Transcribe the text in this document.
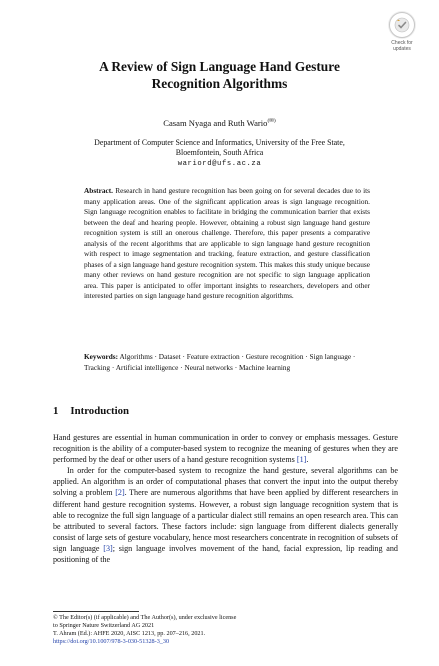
Check for
updates
A Review of Sign Language Hand Gesture
Recognition Algorithms
Casam Nyaga and Ruth Wario(✉)
Department of Computer Science and Informatics, University of the Free State,
Bloemfontein, South Africa
wariord@ufs.ac.za
Abstract. Research in hand gesture recognition has been going on for several decades due to its many application areas. One of the significant application areas is sign language recognition. Sign language recognition enables to facilitate in bridging the communication barrier that exists between the deaf and hearing people. However, obtaining a robust sign language hand gesture recognition system is still an onerous challenge. Therefore, this paper presents a comparative analysis of the recent algorithms that are applicable to sign language hand gesture recognition with respect to image segmentation and tracking, feature extraction, and gesture classification phases of a sign language hand gesture recognition system. This makes this study unique because many other reviews on hand gesture recognition are not specific to sign language application area. This paper is anticipated to offer important insights to researchers, developers and other interested parties on sign language hand gesture recognition algorithms.
Keywords: Algorithms · Dataset · Feature extraction · Gesture recognition · Sign language · Tracking · Artificial intelligence · Neural networks · Machine learning
1 Introduction

Hand gestures are essential in human communication in order to convey or emphasis messages. Gesture recognition is the ability of a computer-based system to recognize the meaning of gestures when they are performed by the deaf or other users of a hand gesture recognition systems [1].

In order for the computer-based system to recognize the hand gesture, several algorithms can be applied. An algorithm is an order of computational phases that convert the input into the output thereby solving a problem [2]. There are numerous algorithms that have been applied by different researchers in different hand gesture recognition systems. However, a robust sign language recognition system that is able to recognize the full sign language of a particular dialect still remains an open research area. This can be attributed to several factors. These factors include: sign language from different dialects generally consist of large sets of gesture vocabulary, hence most researchers concentrate in recognition of subsets of sign language [3]; sign language involves movement of the hand, facial expression, lip reading and positioning of the

© The Editor(s) (if applicable) and The Author(s), under exclusive license
to Springer Nature Switzerland AG 2021
T. Ahram (Ed.): AHFE 2020, AISC 1213, pp. 207–216, 2021.
https://doi.org/10.1007/978-3-030-51328-3_30
